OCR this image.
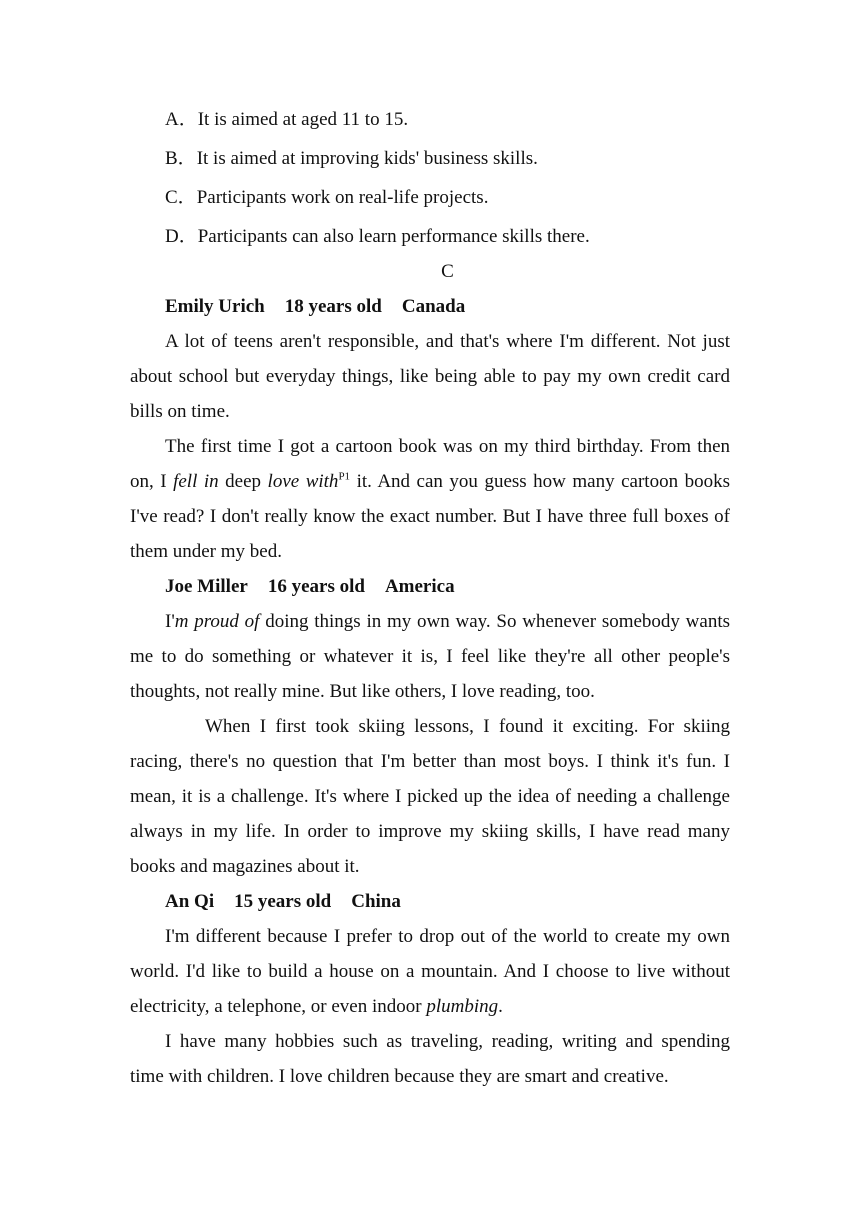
A．It is aimed at aged 11 to 15.
B．It is aimed at improving kids' business skills.
C．Participants work on real-life projects.
D．Participants can also learn performance skills there.
C
Emily Urich 18 years old Canada

A lot of teens aren't responsible, and that's where I'm different. Not just about school but everyday things, like being able to pay my own credit card bills on time.

The first time I got a cartoon book was on my third birthday. From then on, I fell in deep love with$^{P1}$ it. And can you guess how many cartoon books I've read? I don't really know the exact number. But I have three full boxes of them under my bed.

Joe Miller 16 years old America

I'm proud of doing things in my own way. So whenever somebody wants me to do something or whatever it is, I feel like they're all other people's thoughts, not really mine. But like others, I love reading, too.

When I first took skiing lessons, I found it exciting. For skiing racing, there's no question that I'm better than most boys. I think it's fun. I mean, it is a challenge. It's where I picked up the idea of needing a challenge always in my life. In order to improve my skiing skills, I have read many books and magazines about it.

An Qi 15 years old China

I'm different because I prefer to drop out of the world to create my own world. I'd like to build a house on a mountain. And I choose to live without electricity, a telephone, or even indoor plumbing.

I have many hobbies such as traveling, reading, writing and spending time with children. I love children because they are smart and creative.
